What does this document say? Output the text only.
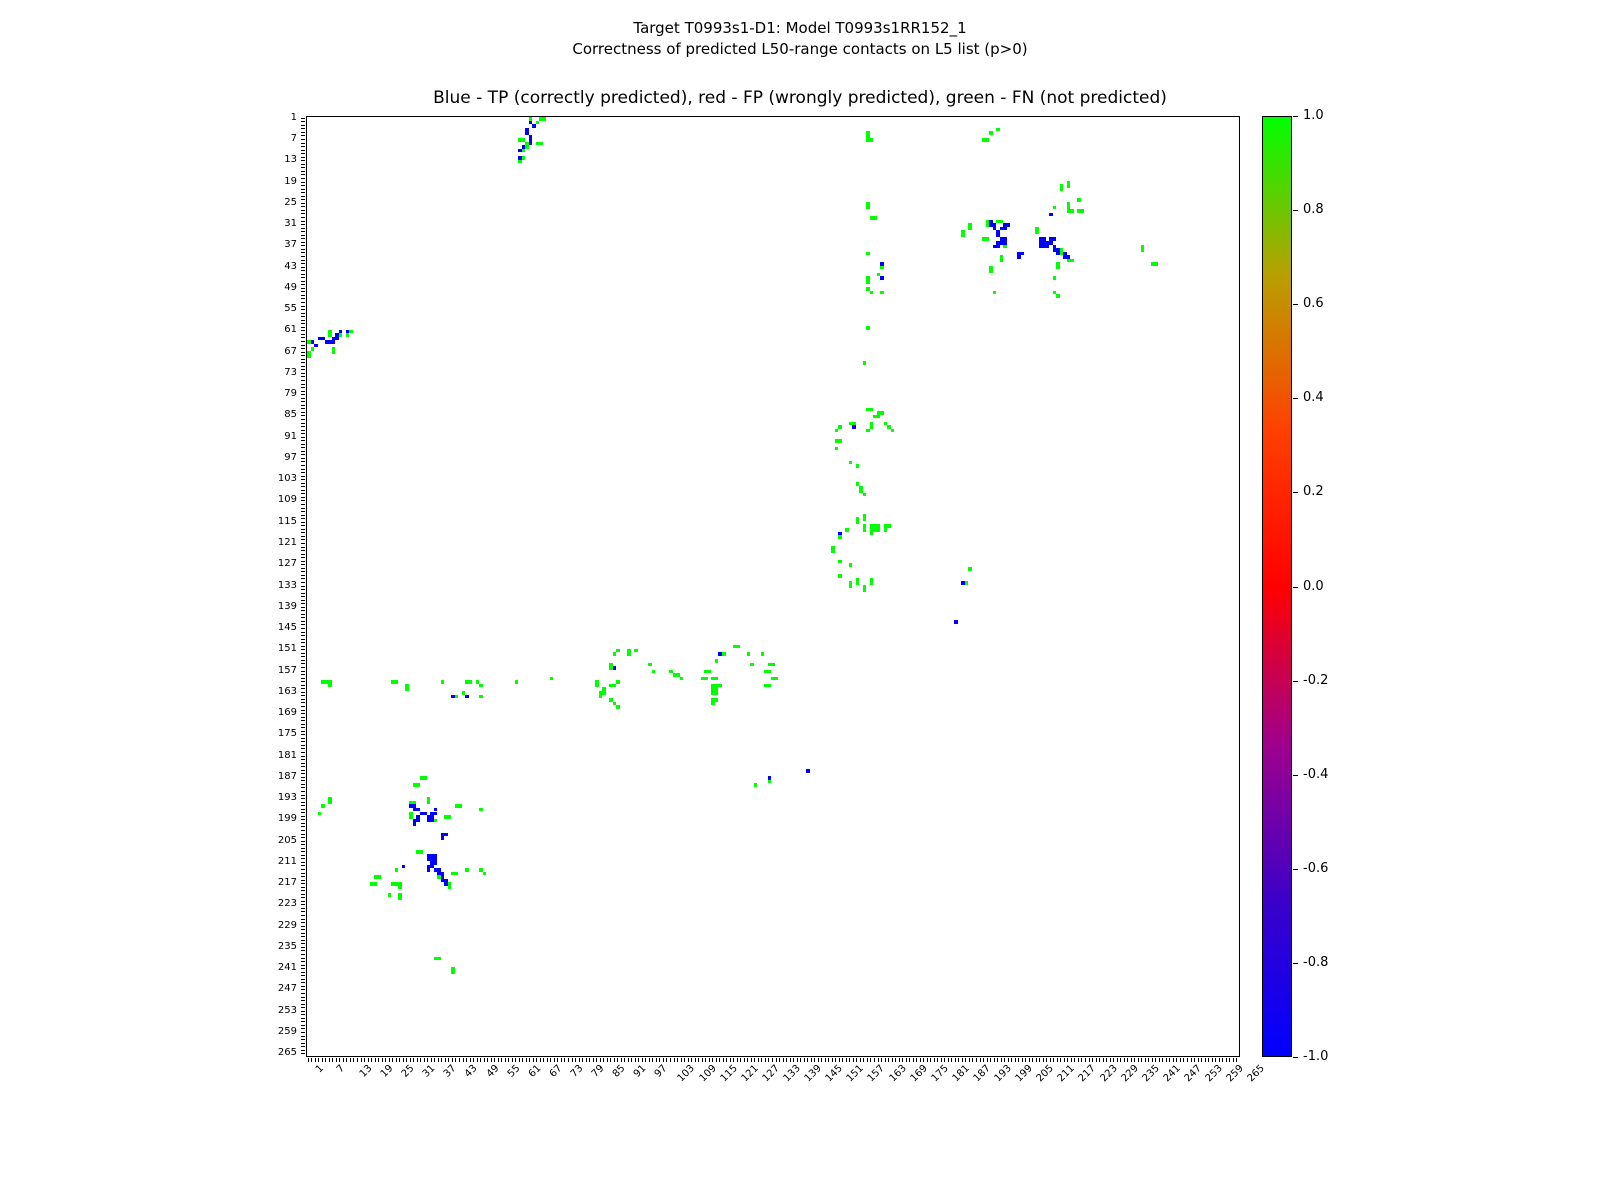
Target T0993s1-D1: Model T0993s1RR152_1
Correctness of predicted L50-range contacts on L5 list (p>0)
Blue - TP (correctly predicted), red - FP (wrongly predicted), green - FN (not predicted)
1.0
0.8
0.6
0.4
0.2
0.0
-0.2
-0.4
-0.6
-0.8
-1.0
1
7
13
19
25
31
37
43
49
55
61
67
73
79
85
91
97
103
109
115
121
127
133
139
145
151
157
163
169
175
181
187
193
199
205
211
217
223
229
235
241
247
253
259
265
1 7 13 19 25 31 37 43 49 55 61 67 73 79 85 91 97 103 109 115 121 127 133 139 145 151 157 163 169 175 181 187 193 199 205 211 217 223 229 235 241 247 253 259 265
